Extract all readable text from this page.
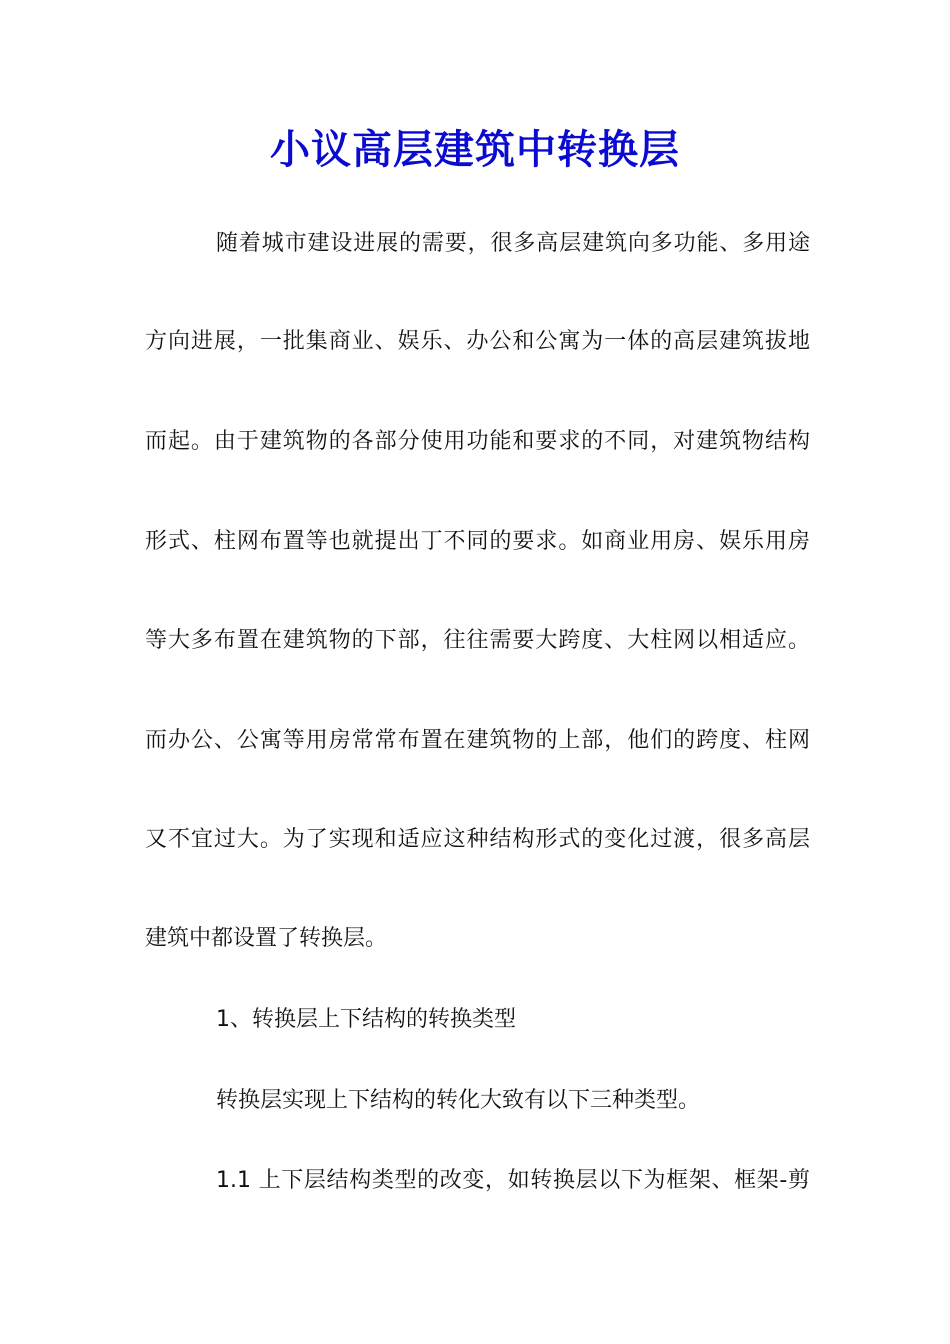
小议高层建筑中转换层
随着城市建设进展的需要，很多高层建筑向多功能、多用途
方向进展，一批集商业、娱乐、办公和公寓为一体的高层建筑拔地
而起。由于建筑物的各部分使用功能和要求的不同，对建筑物结构
形式、柱网布置等也就提出丁不同的要求。如商业用房、娱乐用房
等大多布置在建筑物的下部，往往需要大跨度、大柱网以相适应。
而办公、公寓等用房常常布置在建筑物的上部，他们的跨度、柱网
又不宜过大。为了实现和适应这种结构形式的变化过渡，很多高层
建筑中都设置了转换层。
1、转换层上下结构的转换类型
转换层实现上下结构的转化大致有以下三种类型。
1.1 上下层结构类型的改变，如转换层以下为框架、框架-剪
